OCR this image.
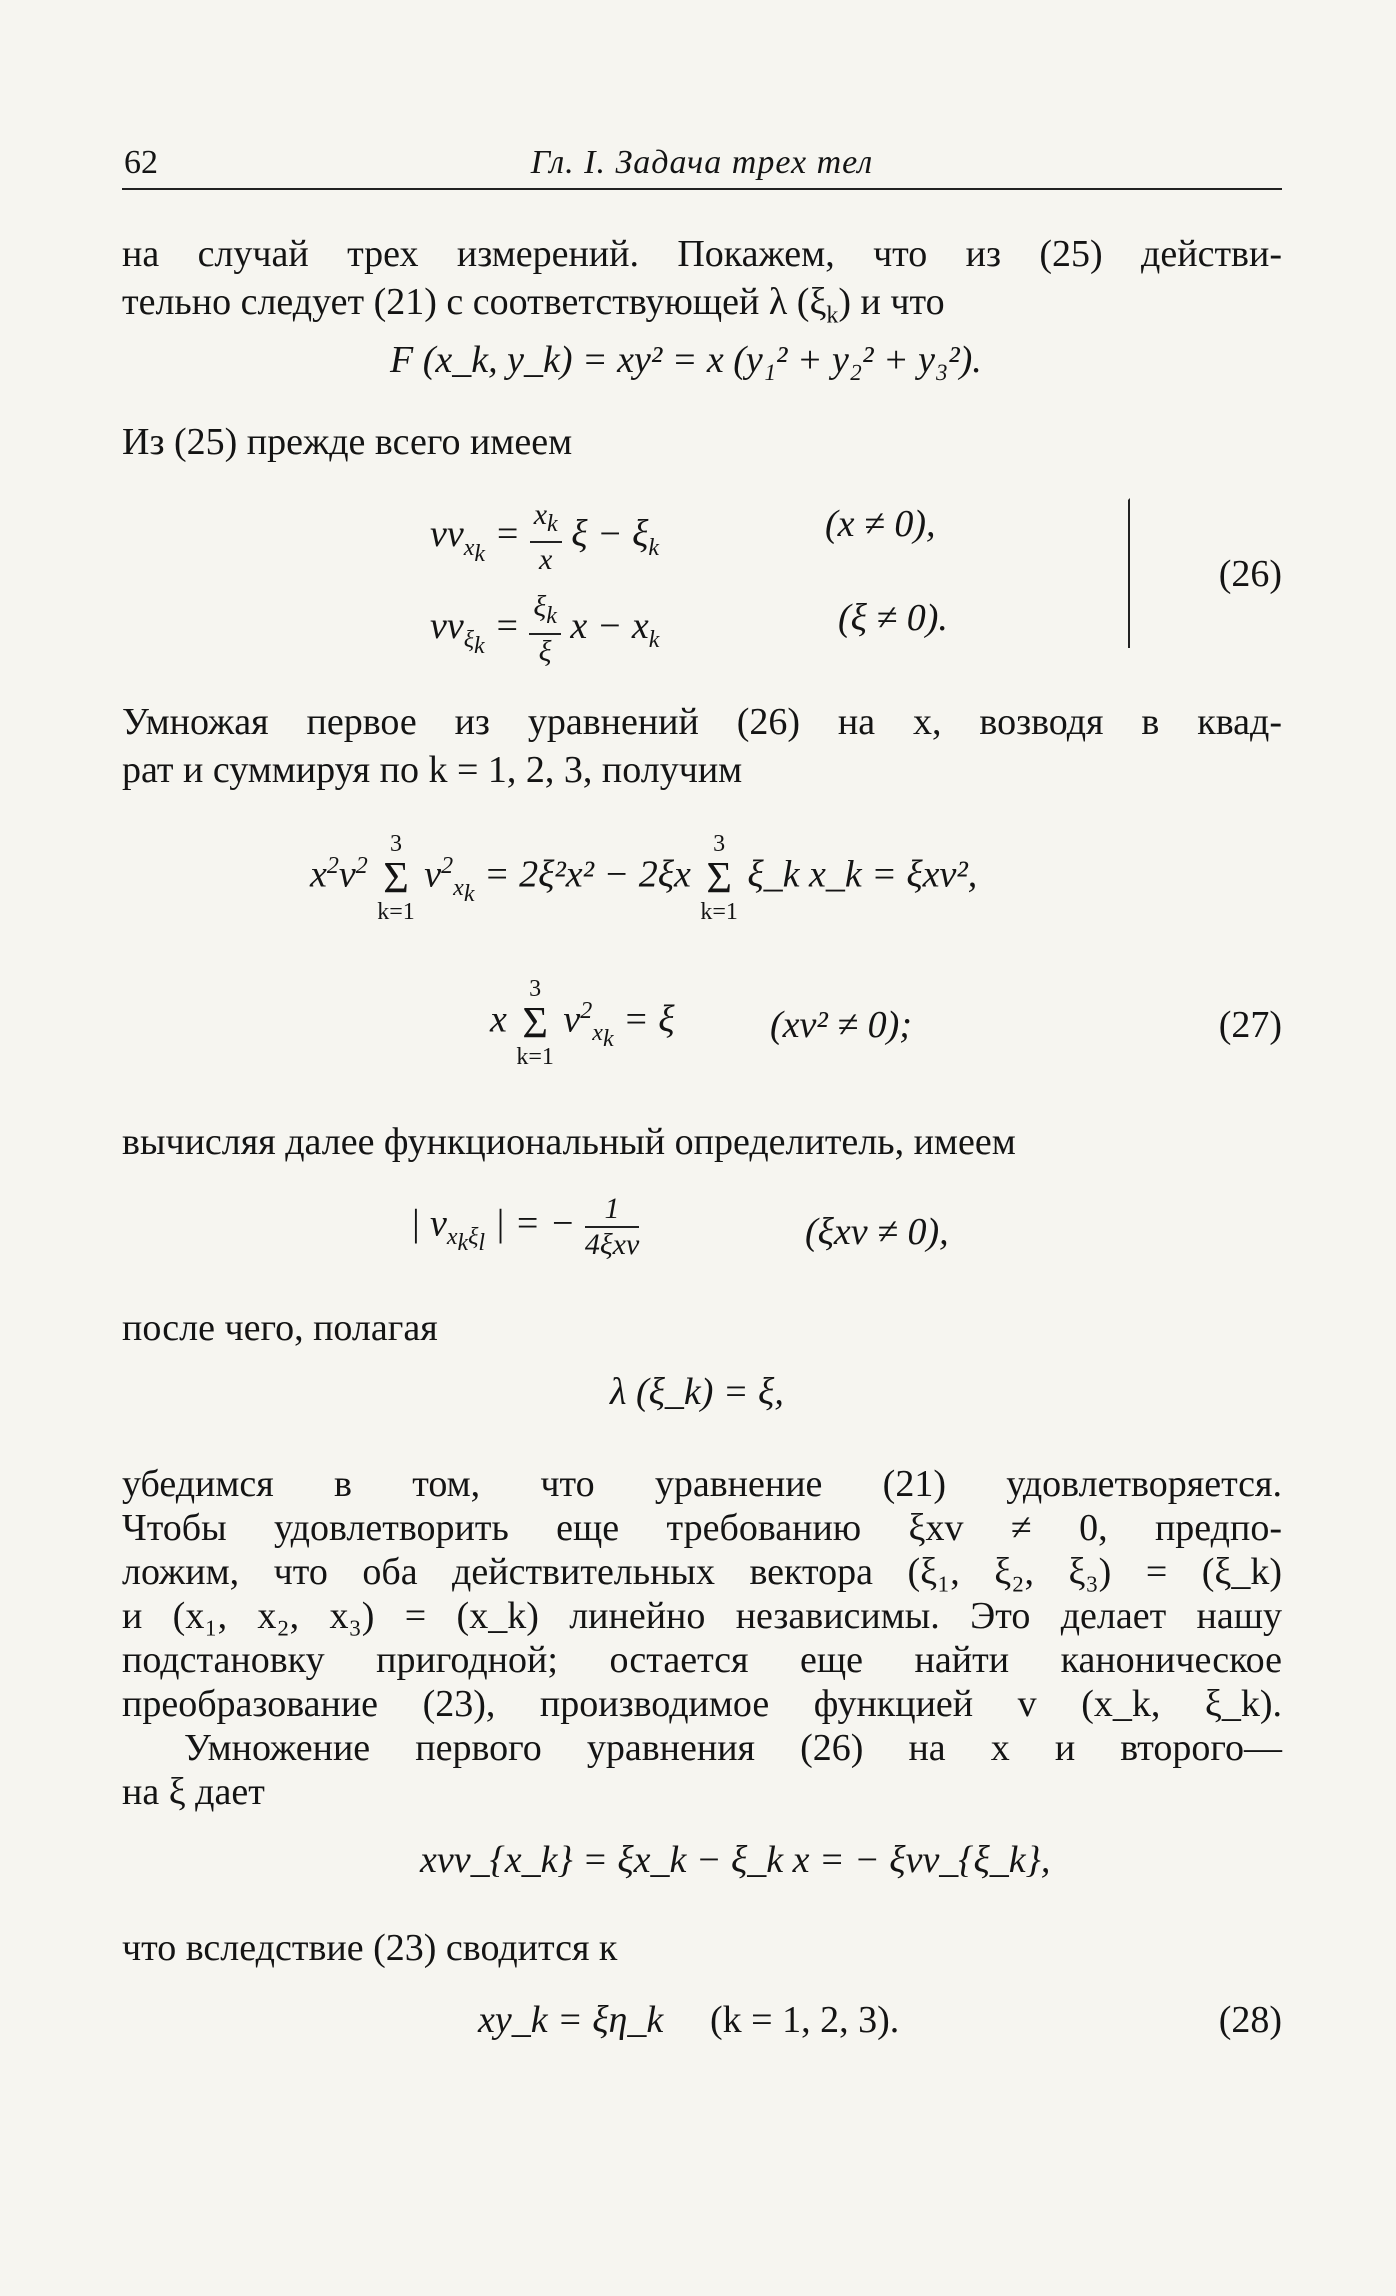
62	Гл. I. Задача трех тел
на случай трех измерений. Покажем, что из (25) действи-
тельно следует (21) с соответствующей λ $(\xi_k)$ и что
F (x_k, y_k) = xy² = x (y₁² + y₂² + y₃²).
Из (25) прежде всего имеем
$vv_{x_k} = \frac{x_k}{x}$ $\xi - \xi_k$
(x ≠ 0),
$vv_{\xi_k} = \frac{\xi_k}{\xi}$ $x - x_k$
(ξ ≠ 0).
(26)
Умножая первое из уравнений (26) на x, возводя в квад-
рат и суммируя по k = 1, 2, 3, получим
$x^2v^2$
3
Σ
k=1
$v^2_{x_k} = 2\xi^2x^2 - 2\xi x$
3
Σ
k=1
ξ_k x_k = ξxv²,
x
3
Σ
k=1
$v^2_{x_k} = \xi$	(xv² ≠ 0);	(27)
вычисляя далее функциональный определитель, имеем
| $v_{x_k\xi_l}$ | = − $\frac{1}{\text{4ξxv}}$	(ξxv ≠ 0),
после чего, полагая
λ (ξ_k) = ξ,
убедимся в том, что уравнение (21) удовлетворяется.
Чтобы удовлетворить еще требованию ξxv ≠ 0, предпо-
ложим, что оба действительных вектора (ξ₁, ξ₂, ξ₃) = (ξ_k)
и (x₁, x₂, x₃) = (x_k) линейно независимы. Это делает нашу
подстановку пригодной; остается еще найти каноническое
преобразование (23), производимое функцией v (x_k, ξ_k).
Умножение первого уравнения (26) на x и второго—
на ξ дает
xvv_{x_k} = ξx_k − ξ_k x = − ξvv_{ξ_k},
что вследствие (23) сводится к
xy_k = ξη_k (k = 1, 2, 3).	(28)
